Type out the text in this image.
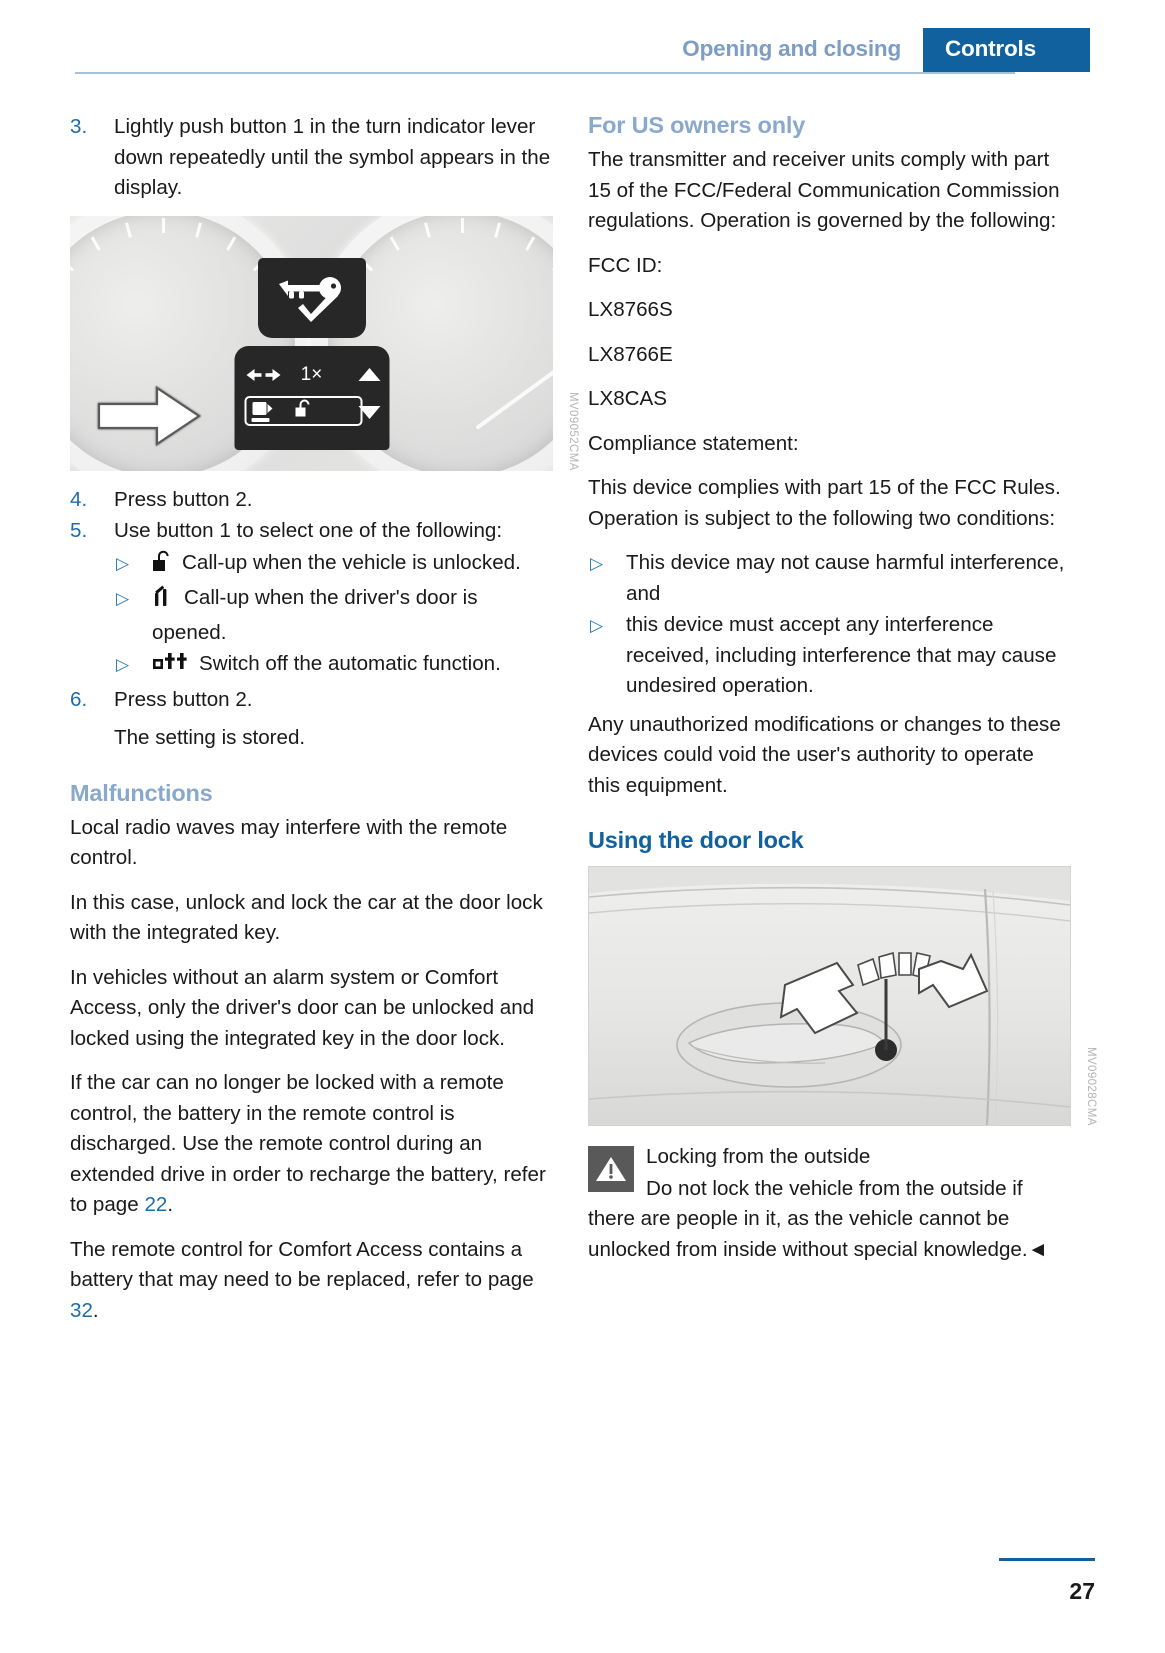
Opening and closing	Controls
3.	Lightly push button 1 in the turn indicator lever down repeatedly until the symbol appears in the display.
1×
MV09052CMA
4.	Press button 2.
5.	Use button 1 to select one of the following:
▷	Call-up when the vehicle is unlocked.
▷	Call-up when the driver's door is opened.
▷	Switch off the automatic function.
6.	Press button 2.
The setting is stored.
Malfunctions

Local radio waves may interfere with the remote control.

In this case, unlock and lock the car at the door lock with the integrated key.

In vehicles without an alarm system or Comfort Access, only the driver's door can be unlocked and locked using the integrated key in the door lock.

If the car can no longer be locked with a remote control, the battery in the remote control is discharged. Use the remote control during an extended drive in order to recharge the battery, refer to page 22.

The remote control for Comfort Access contains a battery that may need to be replaced, refer to page 32.

For US owners only

The transmitter and receiver units comply with part 15 of the FCC/Federal Communication Commission regulations. Operation is governed by the following:

FCC ID:

LX8766S

LX8766E

LX8CAS

Compliance statement:

This device complies with part 15 of the FCC Rules. Operation is subject to the following two conditions:

▷	This device may not cause harmful interference, and
▷	this device must accept any interference received, including interference that may cause undesired operation.

Any unauthorized modifications or changes to these devices could void the user's authority to operate this equipment.

Using the door lock
MV09028CMA
Locking from the outside
Do not lock the vehicle from the outside if there are people in it, as the vehicle cannot be unlocked from inside without special knowledge.◄
27
